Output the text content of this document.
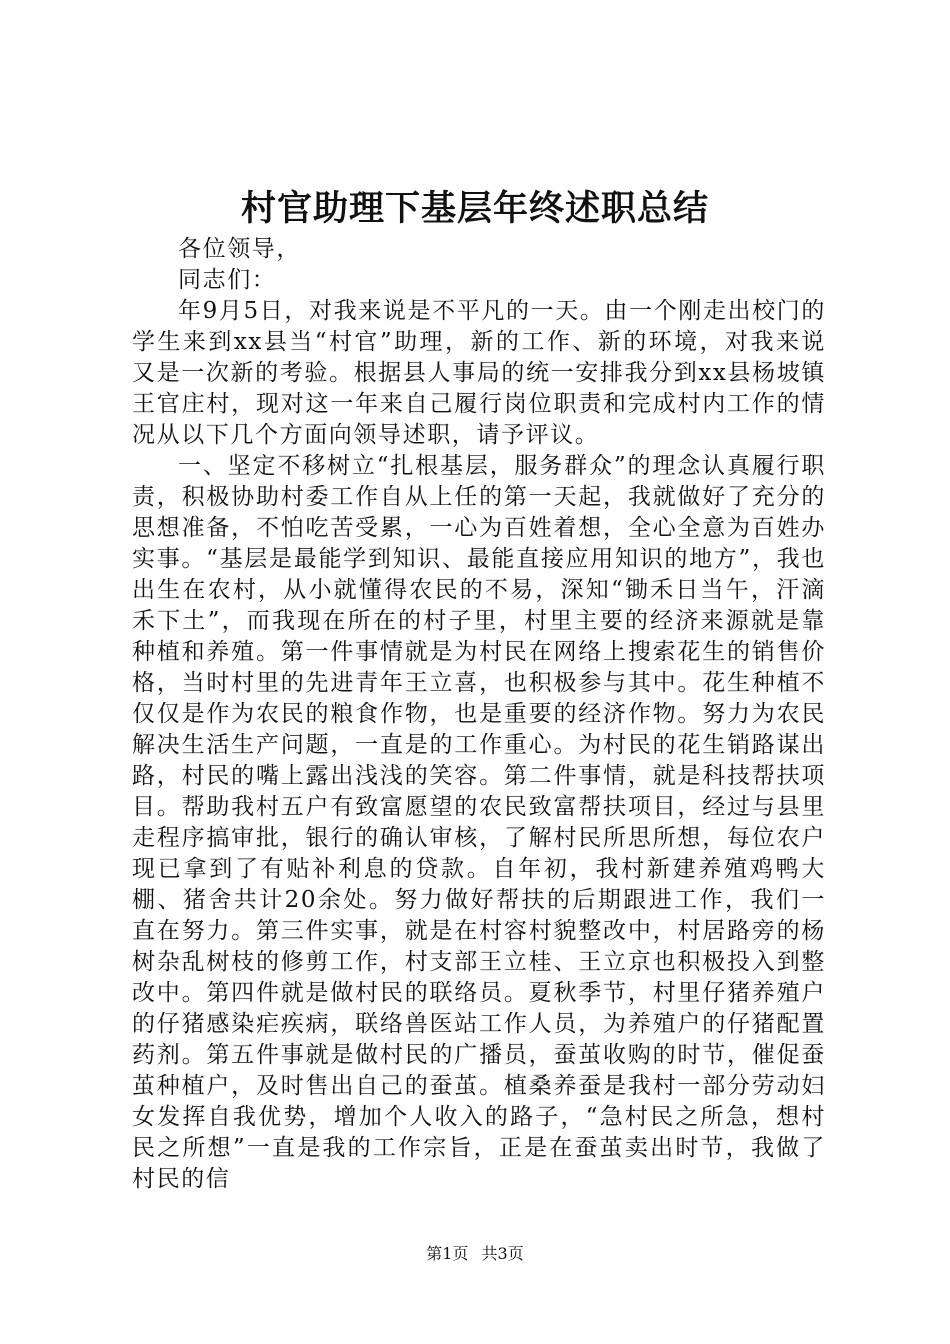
村官助理下基层年终述职总结

各位领导，

同志们：

年9月5日，对我来说是不平凡的一天。由一个刚走出校门的学生来到xx县当“村官”助理，新的工作、新的环境，对我来说又是一次新的考验。根据县人事局的统一安排我分到xx县杨坡镇王官庄村，现对这一年来自己履行岗位职责和完成村内工作的情况从以下几个方面向领导述职，请予评议。

一、坚定不移树立“扎根基层，服务群众”的理念认真履行职责，积极协助村委工作自从上任的第一天起，我就做好了充分的思想准备，不怕吃苦受累，一心为百姓着想，全心全意为百姓办实事。“基层是最能学到知识、最能直接应用知识的地方”，我也出生在农村，从小就懂得农民的不易，深知“锄禾日当午，汗滴禾下土”，而我现在所在的村子里，村里主要的经济来源就是靠种植和养殖。第一件事情就是为村民在网络上搜索花生的销售价格，当时村里的先进青年王立喜，也积极参与其中。花生种植不仅仅是作为农民的粮食作物，也是重要的经济作物。努力为农民解决生活生产问题，一直是的工作重心。为村民的花生销路谋出路，村民的嘴上露出浅浅的笑容。第二件事情，就是科技帮扶项目。帮助我村五户有致富愿望的农民致富帮扶项目，经过与县里走程序搞审批，银行的确认审核，了解村民所思所想，每位农户现已拿到了有贴补利息的贷款。自年初，我村新建养殖鸡鸭大棚、猪舍共计20余处。努力做好帮扶的后期跟进工作，我们一直在努力。第三件实事，就是在村容村貌整改中，村居路旁的杨树杂乱树枝的修剪工作，村支部王立桂、王立京也积极投入到整改中。第四件就是做村民的联络员。夏秋季节，村里仔猪养殖户的仔猪感染疟疾病，联络兽医站工作人员，为养殖户的仔猪配置药剂。第五件事就是做村民的广播员，蚕茧收购的时节，催促蚕茧种植户，及时售出自己的蚕茧。植桑养蚕是我村一部分劳动妇女发挥自我优势，增加个人收入的路子，“急村民之所急，想村民之所想”一直是我的工作宗旨，正是在蚕茧卖出时节，我做了村民的信

第1页 共3页
